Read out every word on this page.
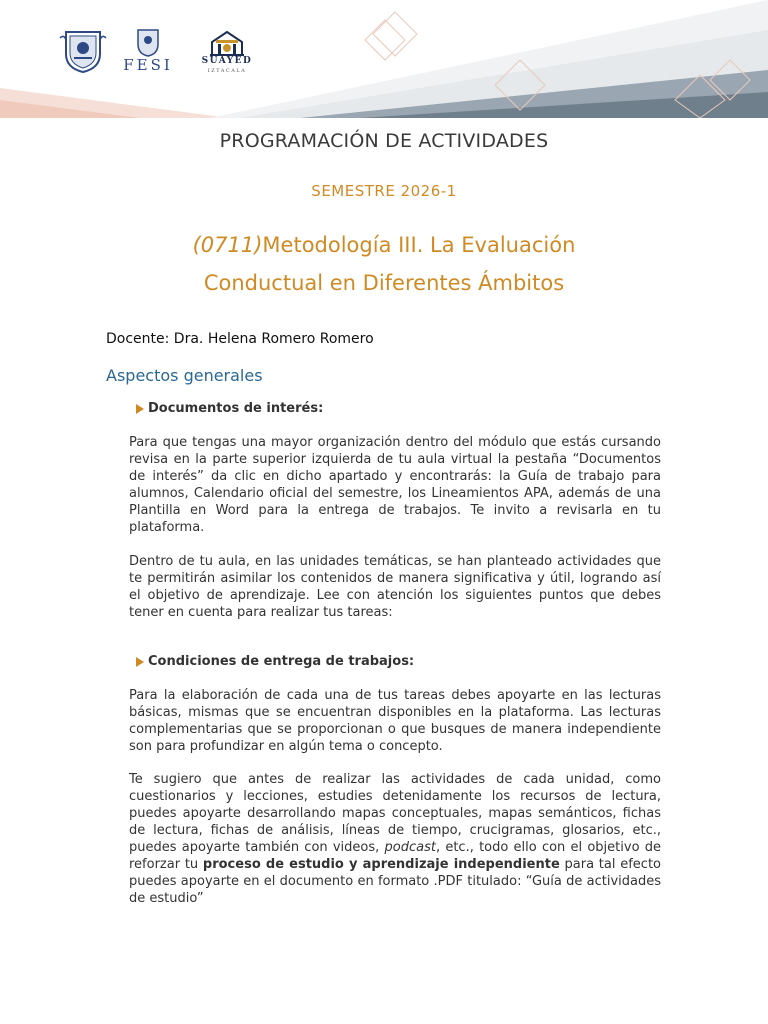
FESI	SUAYED
IZTACALA
PROGRAMACIÓN DE ACTIVIDADES
SEMESTRE 2026-1
(0711)Metodología III. La Evaluación Conductual en Diferentes Ámbitos
Docente: Dra. Helena Romero Romero
Aspectos generales
Documentos de interés:

Para que tengas una mayor organización dentro del módulo que estás cursando revisa en la parte superior izquierda de tu aula virtual la pestaña “Documentos de interés” da clic en dicho apartado y encontrarás: la Guía de trabajo para alumnos, Calendario oficial del semestre, los Lineamientos APA, además de una Plantilla en Word para la entrega de trabajos. Te invito a revisarla en tu plataforma.

Dentro de tu aula, en las unidades temáticas, se han planteado actividades que te permitirán asimilar los contenidos de manera significativa y útil, logrando así el objetivo de aprendizaje. Lee con atención los siguientes puntos que debes tener en cuenta para realizar tus tareas:

Condiciones de entrega de trabajos:

Para la elaboración de cada una de tus tareas debes apoyarte en las lecturas básicas, mismas que se encuentran disponibles en la plataforma. Las lecturas complementarias que se proporcionan o que busques de manera independiente son para profundizar en algún tema o concepto.

Te sugiero que antes de realizar las actividades de cada unidad, como cuestionarios y lecciones, estudies detenidamente los recursos de lectura, puedes apoyarte desarrollando mapas conceptuales, mapas semánticos, fichas de lectura, fichas de análisis, líneas de tiempo, crucigramas, glosarios, etc., puedes apoyarte también con videos, podcast, etc., todo ello con el objetivo de reforzar tu proceso de estudio y aprendizaje independiente para tal efecto puedes apoyarte en el documento en formato .PDF titulado: “Guía de actividades de estudio”
